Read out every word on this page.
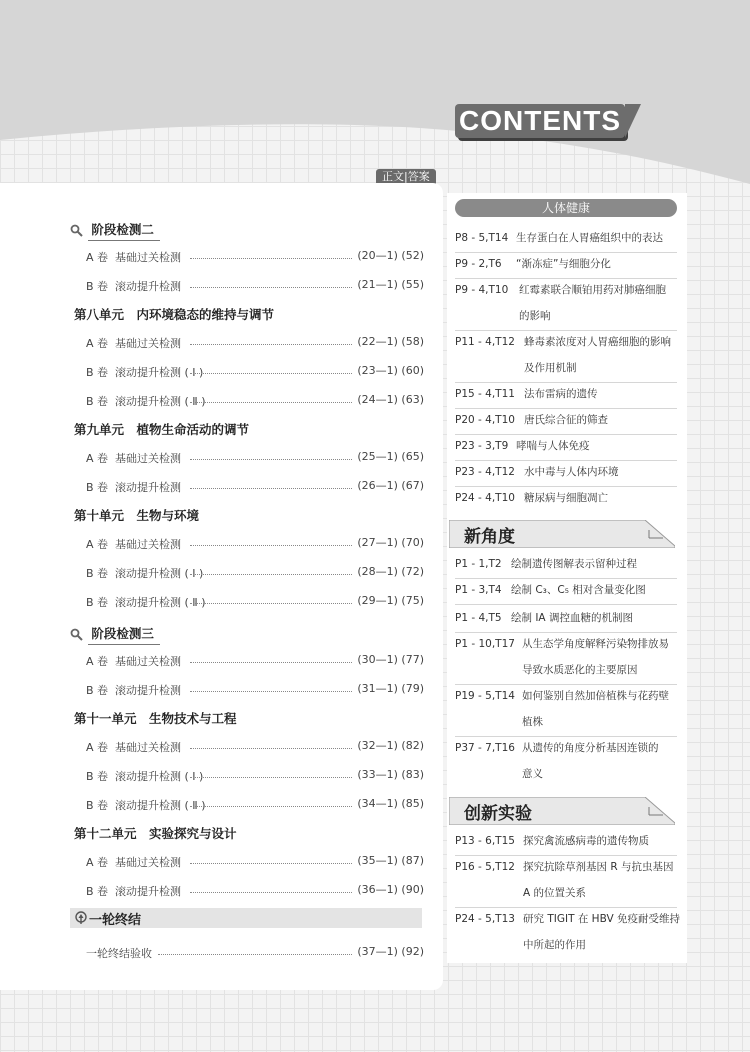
CONTENTS
正文|答案
阶段检测二
A 卷 基础过关检测	(20—1) (52)
B 卷 滚动提升检测	(21—1) (55)
第八单元　内环境稳态的维持与调节
A 卷 基础过关检测	(22—1) (58)
B 卷 滚动提升检测 ( Ⅰ )	(23—1) (60)
B 卷 滚动提升检测 ( Ⅱ )	(24—1) (63)
第九单元　植物生命活动的调节
A 卷 基础过关检测	(25—1) (65)
B 卷 滚动提升检测	(26—1) (67)
第十单元　生物与环境
A 卷 基础过关检测	(27—1) (70)
B 卷 滚动提升检测 ( Ⅰ )	(28—1) (72)
B 卷 滚动提升检测 ( Ⅱ )	(29—1) (75)
阶段检测三
A 卷 基础过关检测	(30—1) (77)
B 卷 滚动提升检测	(31—1) (79)
第十一单元　生物技术与工程
A 卷 基础过关检测	(32—1) (82)
B 卷 滚动提升检测 ( Ⅰ )	(33—1) (83)
B 卷 滚动提升检测 ( Ⅱ )	(34—1) (85)
第十二单元　实验探究与设计
A 卷 基础过关检测	(35—1) (87)
B 卷 滚动提升检测	(36—1) (90)
一轮终结
一轮终结验收	(37—1) (92)
人体健康
P8 - 5,T14 生存蛋白在人胃癌组织中的表达
P9 - 2,T6 “渐冻症”与细胞分化
P9 - 4,T10 红霉素联合顺铂用药对肺癌细胞
的影响
P11 - 4,T12 蜂毒素浓度对人胃癌细胞的影响
及作用机制
P15 - 4,T11 法布雷病的遗传
P20 - 4,T10 唐氏综合征的筛查
P23 - 3,T9 哮喘与人体免疫
P23 - 4,T12 水中毒与人体内环境
P24 - 4,T10 糖尿病与细胞凋亡
新角度
P1 - 1,T2 绘制遗传图解表示留种过程
P1 - 3,T4 绘制 C₃、C₅ 相对含量变化图
P1 - 4,T5 绘制 IA 调控血糖的机制图
P1 - 10,T17 从生态学角度解释污染物排放易
导致水质恶化的主要原因
P19 - 5,T14 如何鉴别自然加倍植株与花药壁
植株
P37 - 7,T16 从遗传的角度分析基因连锁的
意义
创新实验
P13 - 6,T15 探究禽流感病毒的遗传物质
P16 - 5,T12 探究抗除草剂基因 R 与抗虫基因
A 的位置关系
P24 - 5,T13 研究 TIGIT 在 HBV 免疫耐受维持
中所起的作用
